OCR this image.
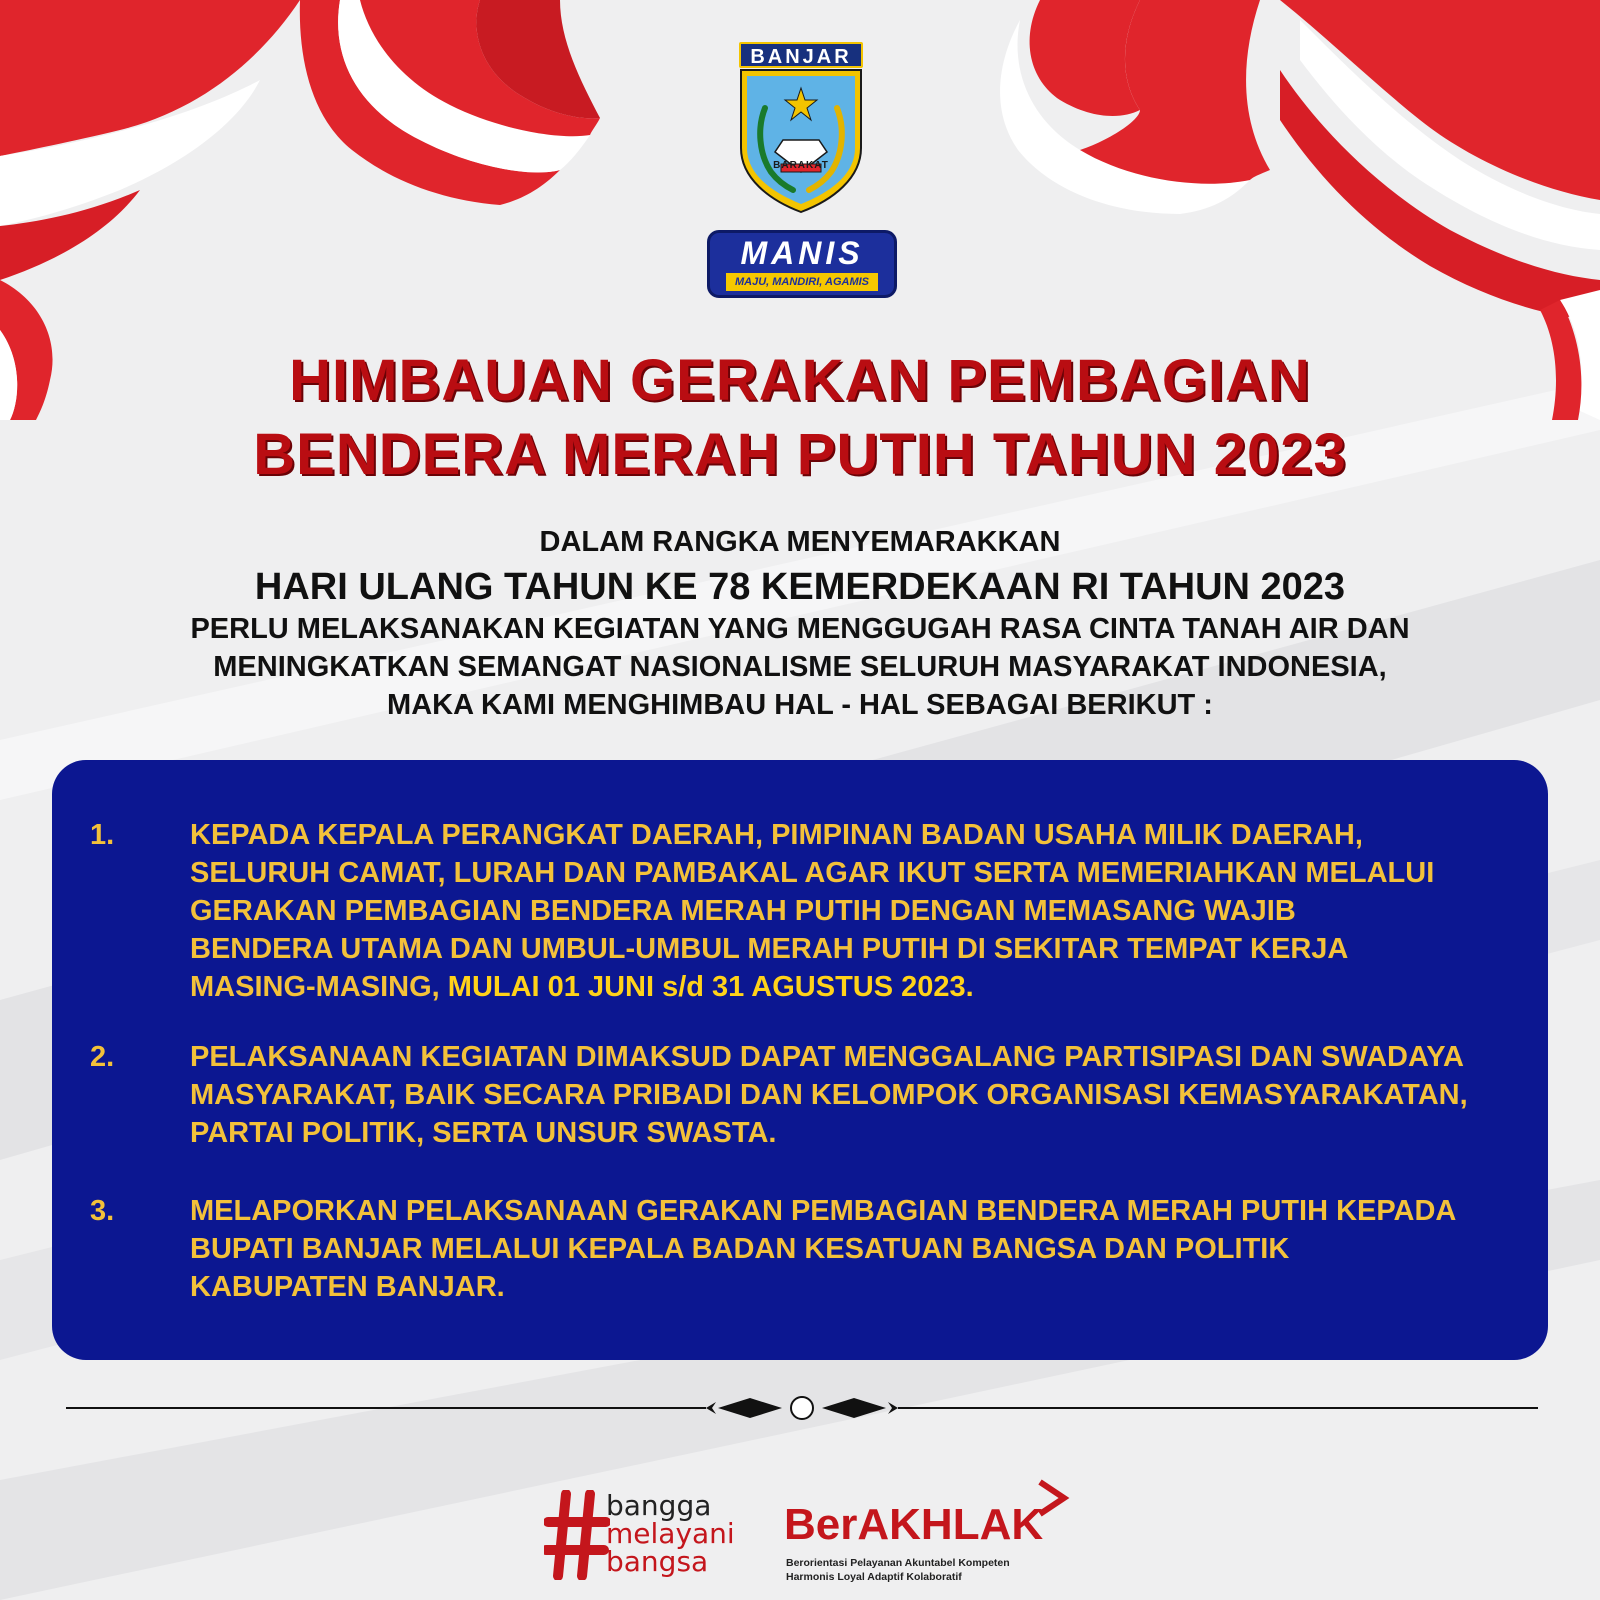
BANJAR
BARAKAT
MANIS
MAJU, MANDIRI, AGAMIS
HIMBAUAN GERAKAN PEMBAGIAN
BENDERA MERAH PUTIH TAHUN 2023
DALAM RANGKA MENYEMARAKKAN
HARI ULANG TAHUN KE 78 KEMERDEKAAN RI TAHUN 2023
PERLU MELAKSANAKAN KEGIATAN YANG MENGGUGAH RASA CINTA TANAH AIR DAN
MENINGKATKAN SEMANGAT NASIONALISME SELURUH MASYARAKAT INDONESIA,
MAKA KAMI MENGHIMBAU HAL - HAL SEBAGAI BERIKUT :
1.	KEPADA KEPALA PERANGKAT DAERAH, PIMPINAN BADAN USAHA MILIK DAERAH,
SELURUH CAMAT, LURAH DAN PAMBAKAL AGAR IKUT SERTA MEMERIAHKAN MELALUI
GERAKAN PEMBAGIAN BENDERA MERAH PUTIH DENGAN MEMASANG WAJIB
BENDERA UTAMA DAN UMBUL-UMBUL MERAH PUTIH DI SEKITAR TEMPAT KERJA
MASING-MASING, MULAI 01 JUNI s/d 31 AGUSTUS 2023.
2.	PELAKSANAAN KEGIATAN DIMAKSUD DAPAT MENGGALANG PARTISIPASI DAN SWADAYA
MASYARAKAT, BAIK SECARA PRIBADI DAN KELOMPOK ORGANISASI KEMASYARAKATAN,
PARTAI POLITIK, SERTA UNSUR SWASTA.
3.	MELAPORKAN PELAKSANAAN GERAKAN PEMBAGIAN BENDERA MERAH PUTIH KEPADA
BUPATI BANJAR MELALUI KEPALA BADAN KESATUAN BANGSA DAN POLITIK
KABUPATEN BANJAR.
bangga
melayani
bangsa
BerAKHLAK
Berorientasi Pelayanan Akuntabel Kompeten
Harmonis Loyal Adaptif Kolaboratif
